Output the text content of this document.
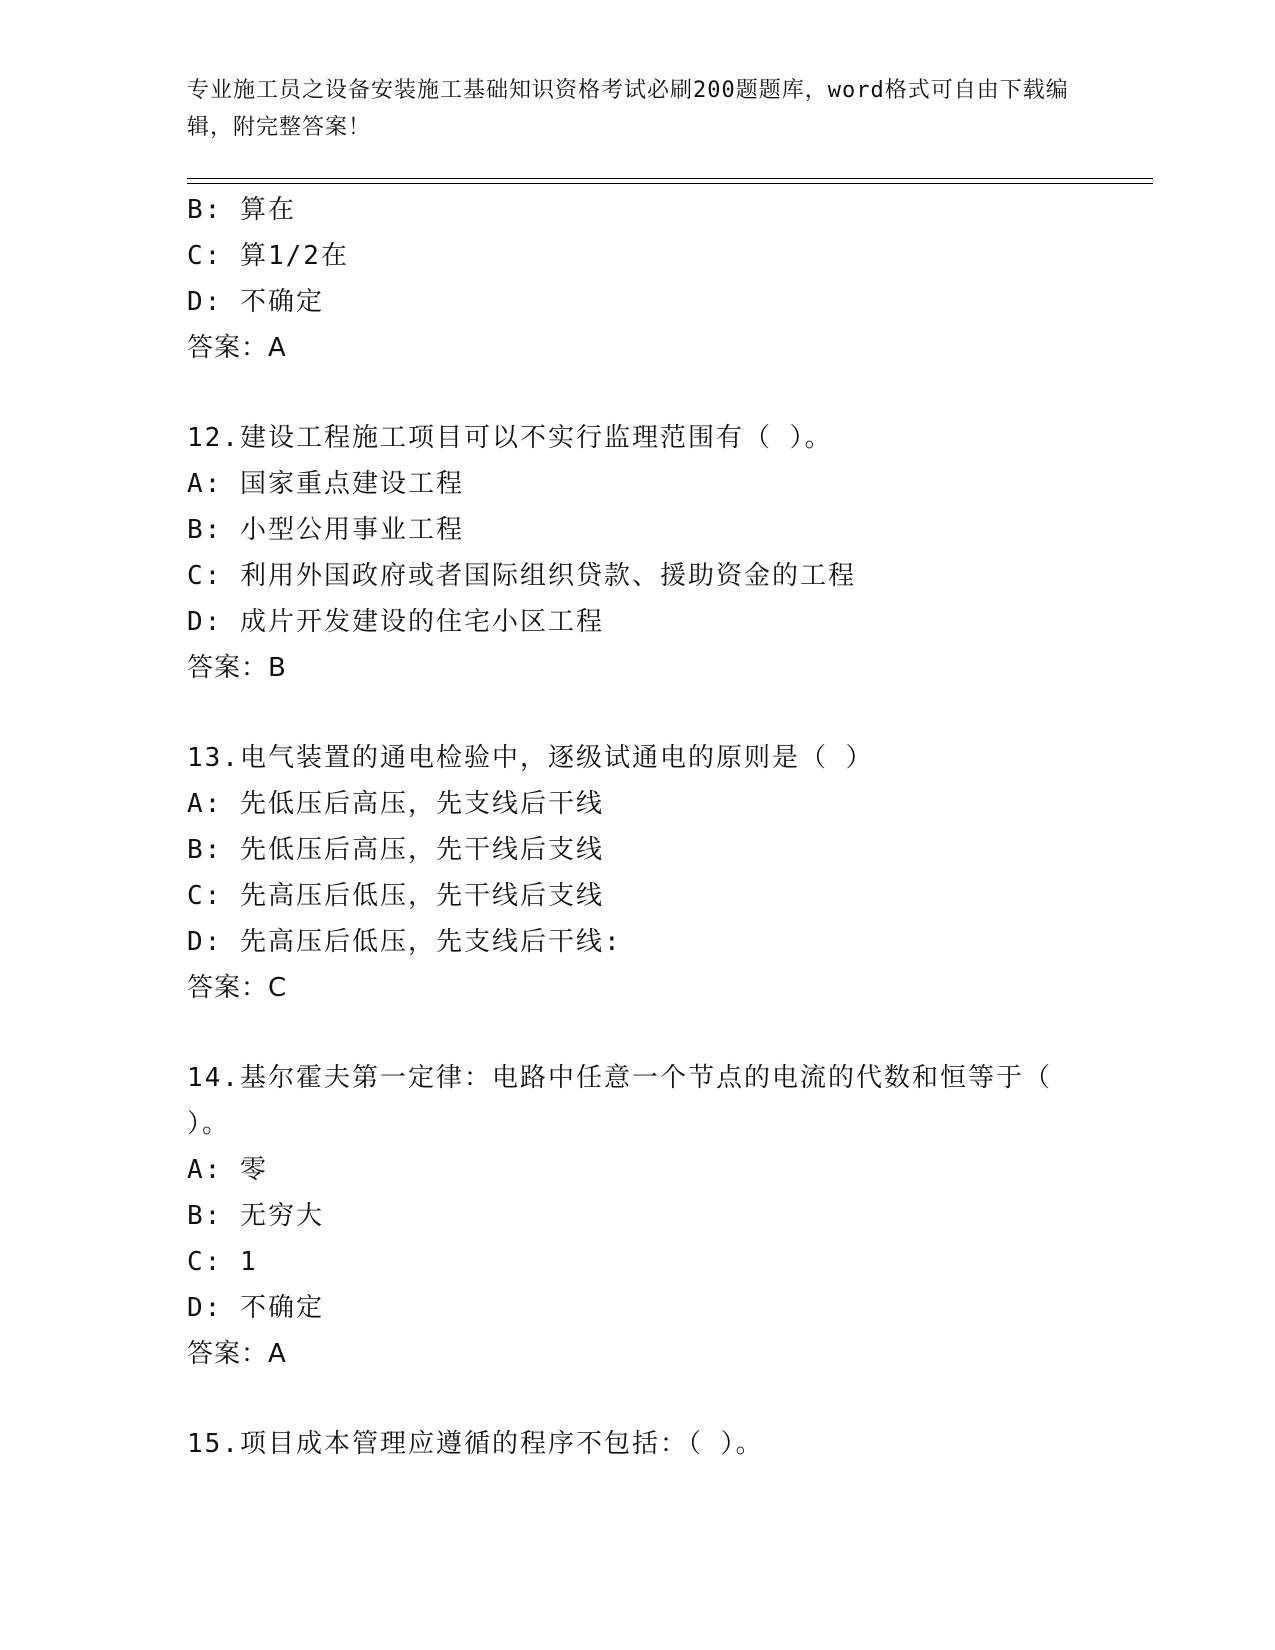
专业施工员之设备安装施工基础知识资格考试必刷200题题库，word格式可自由下载编辑，附完整答案！

B: 算在

C: 算1/2在

D: 不确定

答案：A

12.建设工程施工项目可以不实行监理范围有（ ）。

A: 国家重点建设工程

B: 小型公用事业工程

C: 利用外国政府或者国际组织贷款、援助资金的工程

D: 成片开发建设的住宅小区工程

答案：B

13.电气装置的通电检验中，逐级试通电的原则是（ ）

A: 先低压后高压，先支线后干线

B: 先低压后高压，先干线后支线

C: 先高压后低压，先干线后支线

D: 先高压后低压，先支线后干线:

答案：C

14.基尔霍夫第一定律：电路中任意一个节点的电流的代数和恒等于（ ）。

A: 零

B: 无穷大

C: 1

D: 不确定

答案：A

15.项目成本管理应遵循的程序不包括：（ ）。
